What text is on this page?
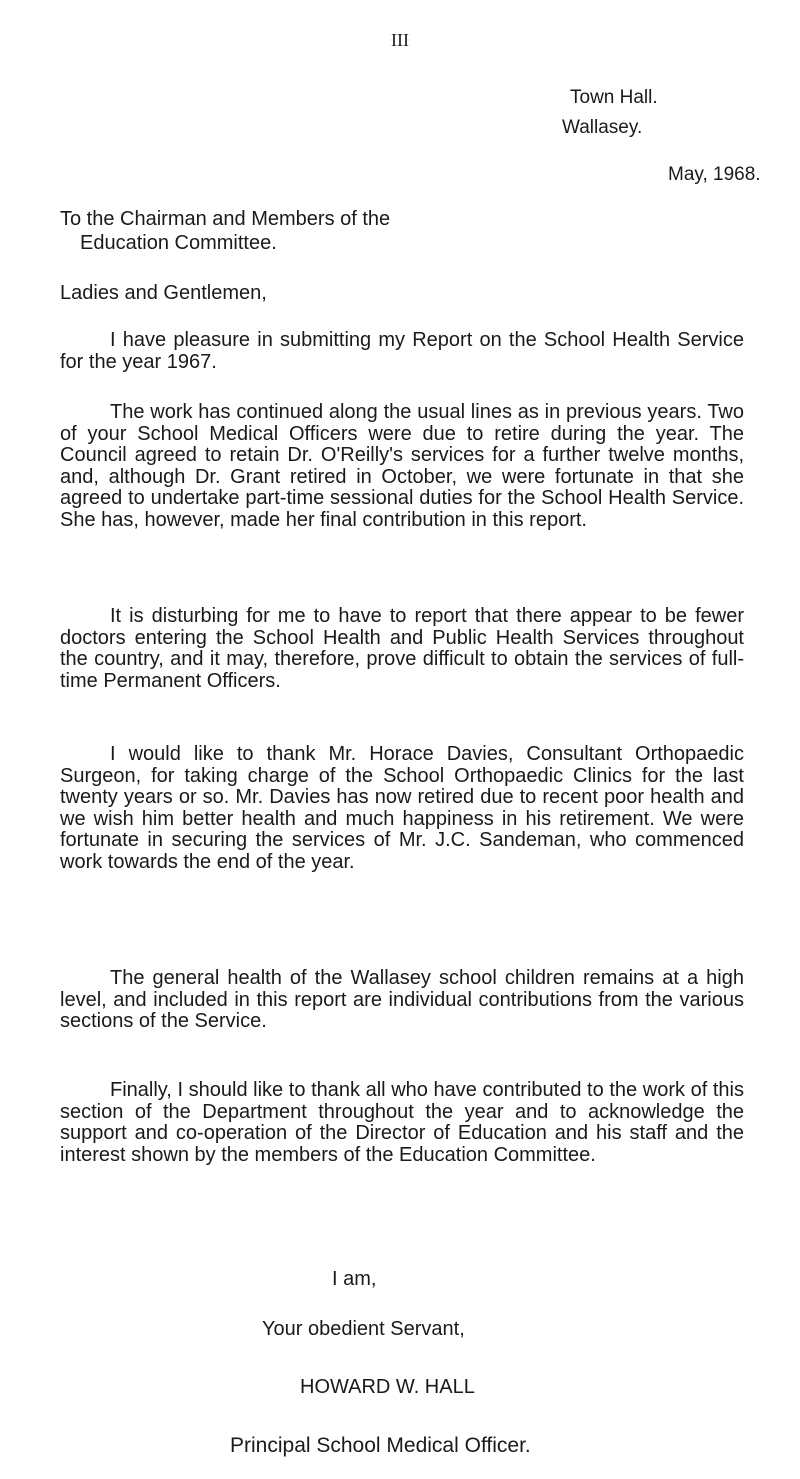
III
Town Hall.
Wallasey.
May, 1968.
To the Chairman and Members of the
Education Committee.
Ladies and Gentlemen,

I have pleasure in submitting my Report on the School Health Service for the year 1967.

The work has continued along the usual lines as in previous years. Two of your School Medical Officers were due to retire during the year. The Council agreed to retain Dr. O'Reilly's services for a further twelve months, and, although Dr. Grant retired in October, we were fortunate in that she agreed to undertake part-time sessional duties for the School Health Service. She has, however, made her final contribution in this report.

It is disturbing for me to have to report that there appear to be fewer doctors entering the School Health and Public Health Services throughout the country, and it may, therefore, prove difficult to obtain the services of full-time Permanent Officers.

I would like to thank Mr. Horace Davies, Consultant Orthopaedic Surgeon, for taking charge of the School Orthopaedic Clinics for the last twenty years or so. Mr. Davies has now retired due to recent poor health and we wish him better health and much happiness in his retirement. We were fortunate in securing the services of Mr. J.C. Sandeman, who commenced work towards the end of the year.

The general health of the Wallasey school children remains at a high level, and included in this report are individual contributions from the various sections of the Service.

Finally, I should like to thank all who have contributed to the work of this section of the Department throughout the year and to acknowledge the support and co-operation of the Director of Education and his staff and the interest shown by the members of the Education Committee.

I am,
Your obedient Servant,
HOWARD W. HALL
Principal School Medical Officer.
